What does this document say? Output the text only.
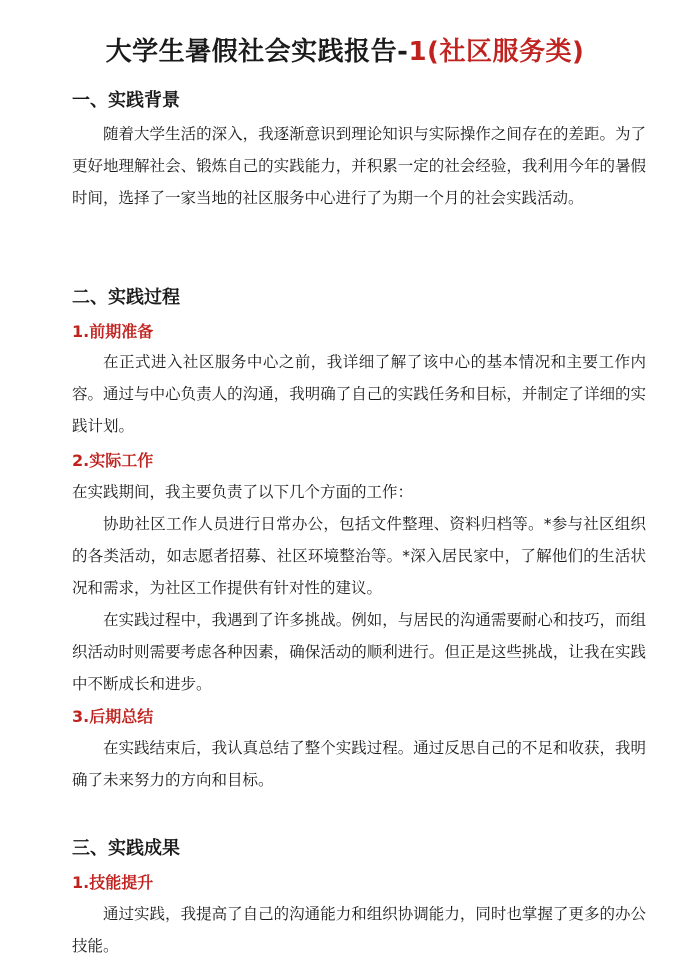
大学生暑假社会实践报告-1(社区服务类)
一、实践背景

随着大学生活的深入，我逐渐意识到理论知识与实际操作之间存在的差距。为了更好地理解社会、锻炼自己的实践能力，并积累一定的社会经验，我利用今年的暑假时间，选择了一家当地的社区服务中心进行了为期一个月的社会实践活动。

二、实践过程
1.前期准备

在正式进入社区服务中心之前，我详细了解了该中心的基本情况和主要工作内容。通过与中心负责人的沟通，我明确了自己的实践任务和目标，并制定了详细的实践计划。

2.实际工作

在实践期间，我主要负责了以下几个方面的工作：

协助社区工作人员进行日常办公，包括文件整理、资料归档等。*参与社区组织的各类活动，如志愿者招募、社区环境整治等。*深入居民家中，了解他们的生活状况和需求，为社区工作提供有针对性的建议。

在实践过程中，我遇到了许多挑战。例如，与居民的沟通需要耐心和技巧，而组织活动时则需要考虑各种因素，确保活动的顺利进行。但正是这些挑战，让我在实践中不断成长和进步。

3.后期总结

在实践结束后，我认真总结了整个实践过程。通过反思自己的不足和收获，我明确了未来努力的方向和目标。

三、实践成果
1.技能提升

通过实践，我提高了自己的沟通能力和组织协调能力，同时也掌握了更多的办公技能。
